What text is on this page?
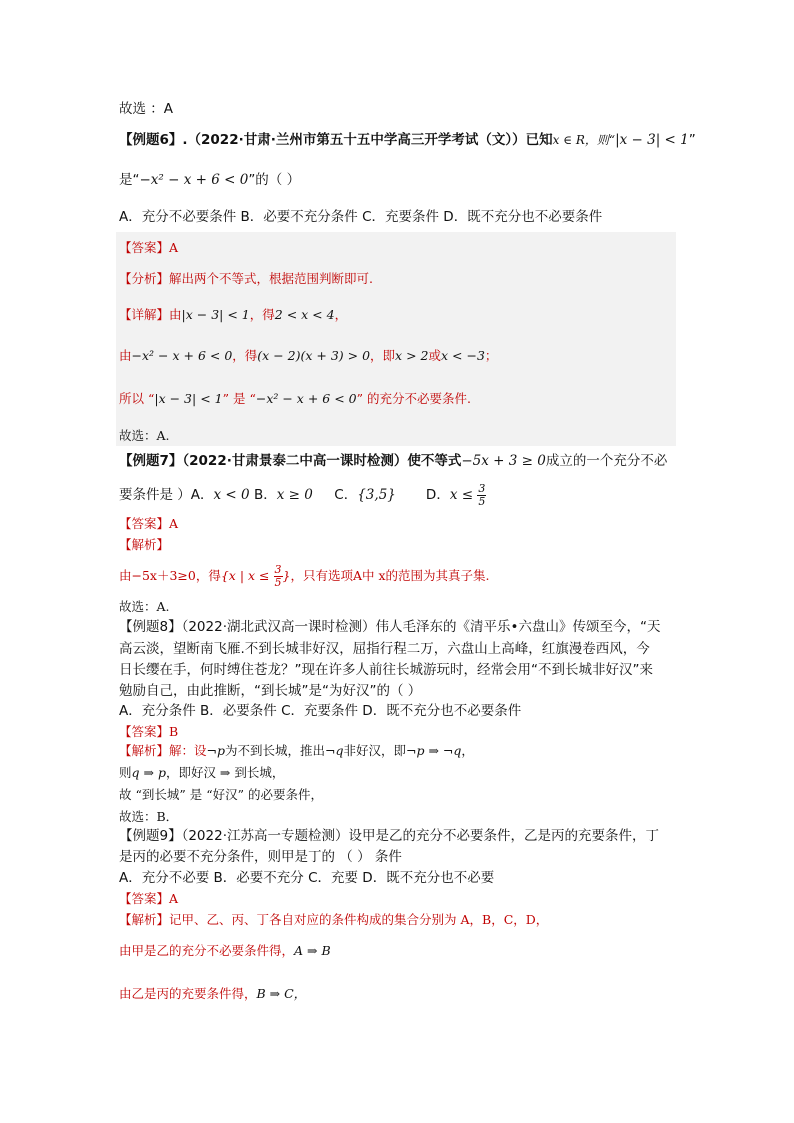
故选 ：A
【例题6】.（2022·甘肃·兰州市第五十五中学高三开学考试（文））已知x ∈ R，则“|x − 3| < 1”
是“−x² − x + 6 < 0”的（ ）
A．充分不必要条件 B．必要不充分条件 C．充要条件 D．既不充分也不必要条件
【答案】A
【分析】解出两个不等式，根据范围判断即可.
【详解】由|x − 3| < 1，得2 < x < 4，
由−x² − x + 6 < 0，得(x − 2)(x + 3) > 0，即x > 2或x < −3；
所以 “|x − 3| < 1” 是 “−x² − x + 6 < 0” 的充分不必要条件.
故选：A.
【例题7】（2022·甘肃景泰二中高一课时检测）使不等式−5x + 3 ≥ 0成立的一个充分不必
要条件是 ）A．x < 0 B．x ≥ 0 C．{3,5} D．$x \le \frac{3}{5}$
【答案】A
【解析】
由−5x＋3≥0，得{x | $x \le \frac{3}{5}$ }，只有选项A中 x的范围为其真子集.
故选：A.
【例题8】（2022·湖北武汉高一课时检测）伟人毛泽东的《清平乐•六盘山》传颂至今，“天
高云淡，望断南飞雁.不到长城非好汉，屈指行程二万，六盘山上高峰，红旗漫卷西风，今
日长缨在手，何时缚住苍龙？”现在许多人前往长城游玩时，经常会用“不到长城非好汉”来
勉励自己，由此推断，“到长城”是“为好汉”的（ ）
A．充分条件 B．必要条件 C．充要条件 D．既不充分也不必要条件
【答案】B
【解析】解：设¬p为不到长城，推出¬q非好汉，即¬p ⇒ ¬q，
则q ⇒ p，即好汉 ⇒ 到长城，
故 “到长城” 是 “好汉” 的必要条件，
故选：B．
【例题9】（2022·江苏高一专题检测）设甲是乙的充分不必要条件，乙是丙的充要条件，丁
是丙的必要不充分条件，则甲是丁的 （ ） 条件
A．充分不必要 B．必要不充分 C．充要 D．既不充分也不必要
【答案】A
【解析】记甲、乙、丙、丁各自对应的条件构成的集合分别为 A，B，C，D，
由甲是乙的充分不必要条件得，A ⇒ B
由乙是丙的充要条件得，B ⇒ C，
